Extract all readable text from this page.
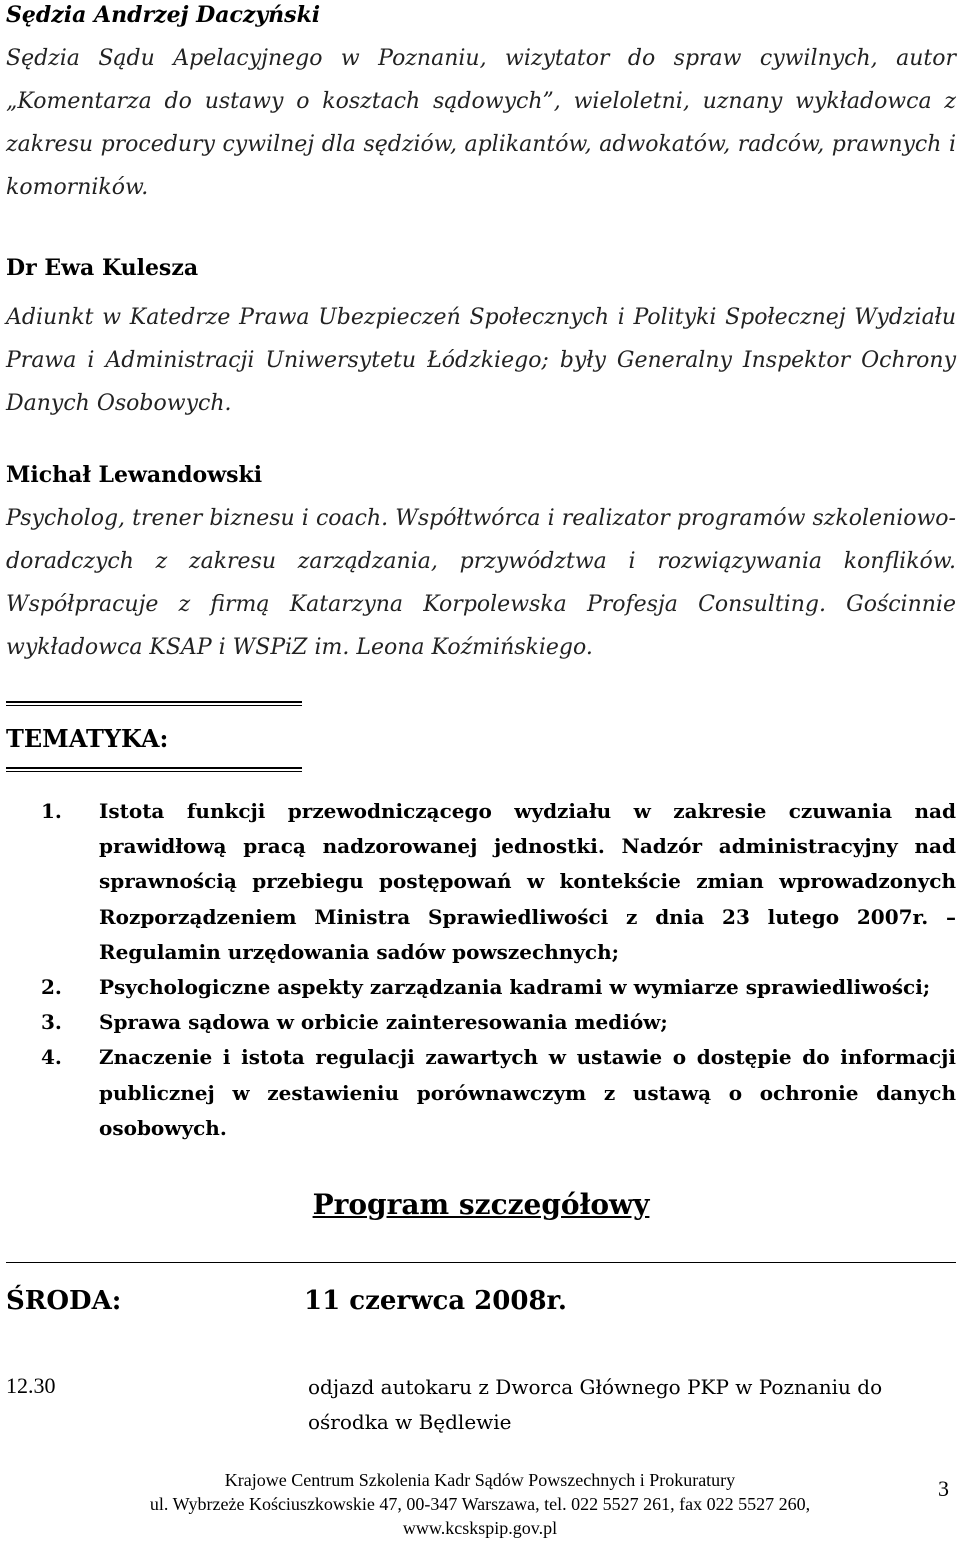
Sędzia Andrzej Daczyński

Sędzia Sądu Apelacyjnego w Poznaniu, wizytator do spraw cywilnych, autor „Komentarza do ustawy o kosztach sądowych”, wieloletni, uznany wykładowca z zakresu procedury cywilnej dla sędziów, aplikantów, adwokatów, radców, prawnych i komorników.

Dr Ewa Kulesza

Adiunkt w Katedrze Prawa Ubezpieczeń Społecznych i Polityki Społecznej Wydziału Prawa i Administracji Uniwersytetu Łódzkiego; były Generalny Inspektor Ochrony Danych Osobowych.

Michał Lewandowski

Psycholog, trener biznesu i coach. Współtwórca i realizator programów szkoleniowo-doradczych z zakresu zarządzania, przywództwa i rozwiązywania konflików. Współpracuje z firmą Katarzyna Korpolewska Profesja Consulting. Gościnnie wykładowca KSAP i WSPiZ im. Leona Koźmińskiego.

TEMATYKA:
1. Istota funkcji przewodniczącego wydziału w zakresie czuwania nad prawidłową pracą nadzorowanej jednostki. Nadzór administracyjny nad sprawnością przebiegu postępowań w kontekście zmian wprowadzonych Rozporządzeniem Ministra Sprawiedliwości z dnia 23 lutego 2007r. – Regulamin urzędowania sadów powszechnych;
2. Psychologiczne aspekty zarządzania kadrami w wymiarze sprawiedliwości;
3. Sprawa sądowa w orbicie zainteresowania mediów;
4. Znaczenie i istota regulacji zawartych w ustawie o dostępie do informacji publicznej w zestawieniu porównawczym z ustawą o ochronie danych osobowych.
Program szczegółowy
ŚRODA:	11 czerwca 2008r.
12.30	odjazd autokaru z Dworca Głównego PKP w Poznaniu do ośrodka w Będlewie
Krajowe Centrum Szkolenia Kadr Sądów Powszechnych i Prokuratury
ul. Wybrzeże Kościuszkowskie 47, 00-347 Warszawa, tel. 022 5527 261, fax 022 5527 260,
www.kcskspip.gov.pl
3
